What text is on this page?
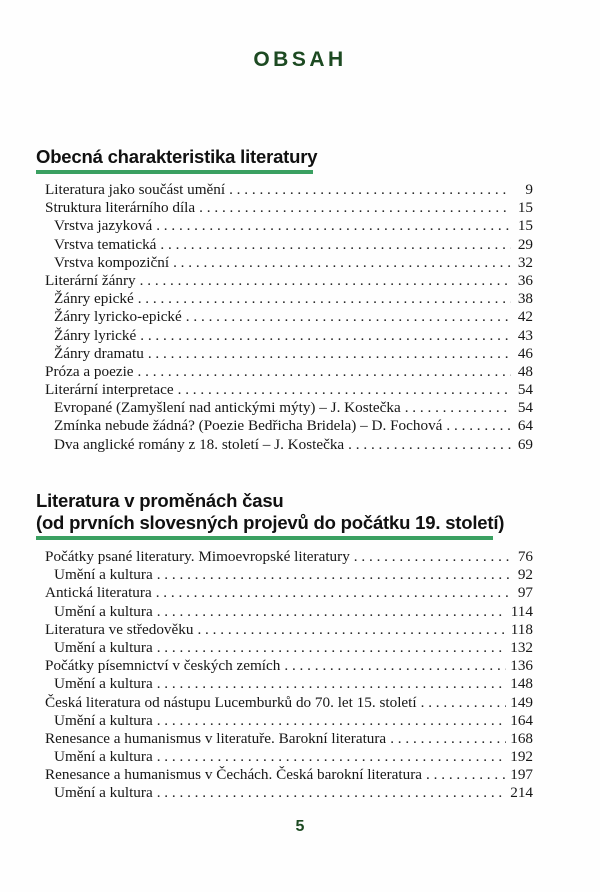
OBSAH
Obecná charakteristika literatury
Literatura jako součást umění . . .	9
Struktura literárního díla . . .	15
Vrstva jazyková . . .	15
Vrstva tematická . . .	29
Vrstva kompoziční . . .	32
Literární žánry . . .	36
Žánry epické . . .	38
Žánry lyricko-epické . . .	42
Žánry lyrické . . .	43
Žánry dramatu . . .	46
Próza a poezie . . .	48
Literární interpretace . . .	54
Evropané (Zamyšlení nad antickými mýty) – J. Kostečka . . .	54
Zmínka nebude žádná? (Poezie Bedřicha Bridela) – D. Fochová . . .	64
Dva anglické romány z 18. století – J. Kostečka . . .	69
Literatura v proměnách času
(od prvních slovesných projevů do počátku 19. století)
Počátky psané literatury. Mimoevropské literatury . . .	76
Umění a kultura . . .	92
Antická literatura . . .	97
Umění a kultura . . .	114
Literatura ve středověku . . .	118
Umění a kultura . . .	132
Počátky písemnictví v českých zemích . . .	136
Umění a kultura . . .	148
Česká literatura od nástupu Lucemburků do 70. let 15. století . . .	149
Umění a kultura . . .	164
Renesance a humanismus v literatuře. Barokní literatura . . .	168
Umění a kultura . . .	192
Renesance a humanismus v Čechách. Česká barokní literatura . . .	197
Umění a kultura . . .	214
5
